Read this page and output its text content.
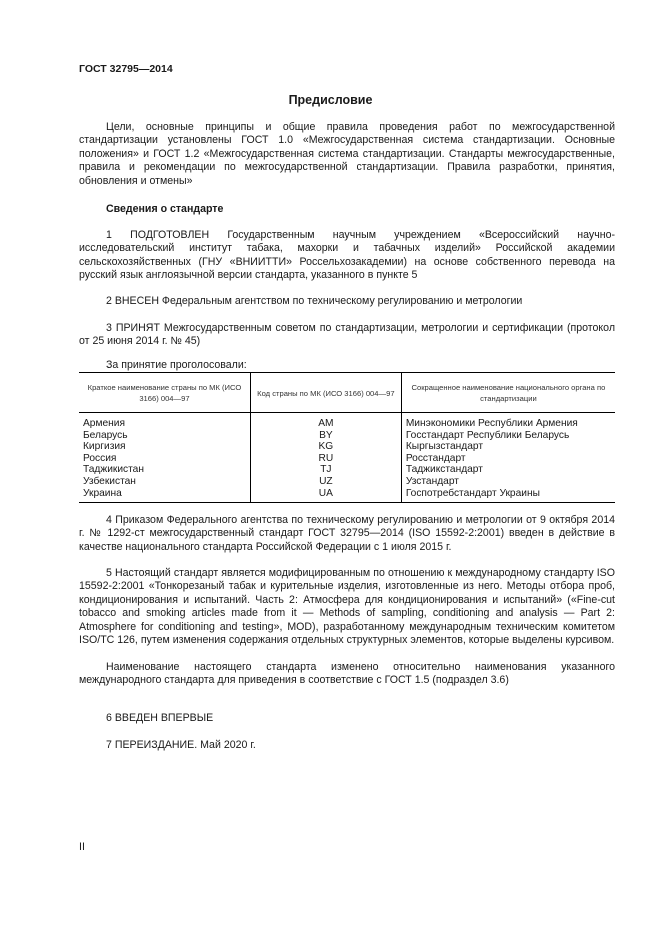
ГОСТ 32795—2014
Предисловие

Цели, основные принципы и общие правила проведения работ по межгосударственной стандартизации установлены ГОСТ 1.0 «Межгосударственная система стандартизации. Основные положения» и ГОСТ 1.2 «Межгосударственная система стандартизации. Стандарты межгосударственные, правила и рекомендации по межгосударственной стандартизации. Правила разработки, принятия, обновления и отмены»

Сведения о стандарте

1 ПОДГОТОВЛЕН Государственным научным учреждением «Всероссийский научно-исследовательский институт табака, махорки и табачных изделий» Российской академии сельскохозяйственных (ГНУ «ВНИИТТИ» Россельхозакадемии) на основе собственного перевода на русский язык англоязычной версии стандарта, указанного в пункте 5

2 ВНЕСЕН Федеральным агентством по техническому регулированию и метрологии

3 ПРИНЯТ Межгосударственным советом по стандартизации, метрологии и сертификации (протокол от 25 июня 2014 г. № 45)

За принятие проголосовали:
Краткое наименование страны по МК (ИСО 3166) 004—97	Код страны по МК (ИСО 3166) 004—97	Сокращенное наименование национального органа по стандартизации
Армения	AM	Минэкономики Республики Армения
Беларусь	BY	Госстандарт Республики Беларусь
Киргизия	KG	Кыргызстандарт
Россия	RU	Росстандарт
Таджикистан	TJ	Таджикстандарт
Узбекистан	UZ	Узстандарт
Украина	UA	Госпотребстандарт Украины

4 Приказом Федерального агентства по техническому регулированию и метрологии от 9 октября 2014 г. № 1292-ст межгосударственный стандарт ГОСТ 32795—2014 (ISO 15592-2:2001) введен в действие в качестве национального стандарта Российской Федерации с 1 июля 2015 г.

5 Настоящий стандарт является модифицированным по отношению к международному стандарту ISO 15592-2:2001 «Тонкорезаный табак и курительные изделия, изготовленные из него. Методы отбора проб, кондиционирования и испытаний. Часть 2: Атмосфера для кондиционирования и испытаний» («Fine-cut tobacco and smoking articles made from it — Methods of sampling, conditioning and analysis — Part 2: Atmosphere for conditioning and testing», MOD), разработанному международным техническим комитетом ISO/TC 126, путем изменения содержания отдельных структурных элементов, которые выделены курсивом.

Наименование настоящего стандарта изменено относительно наименования указанного международного стандарта для приведения в соответствие с ГОСТ 1.5 (подраздел 3.6)

6 ВВЕДЕН ВПЕРВЫЕ
7 ПЕРЕИЗДАНИЕ. Май 2020 г.
II
